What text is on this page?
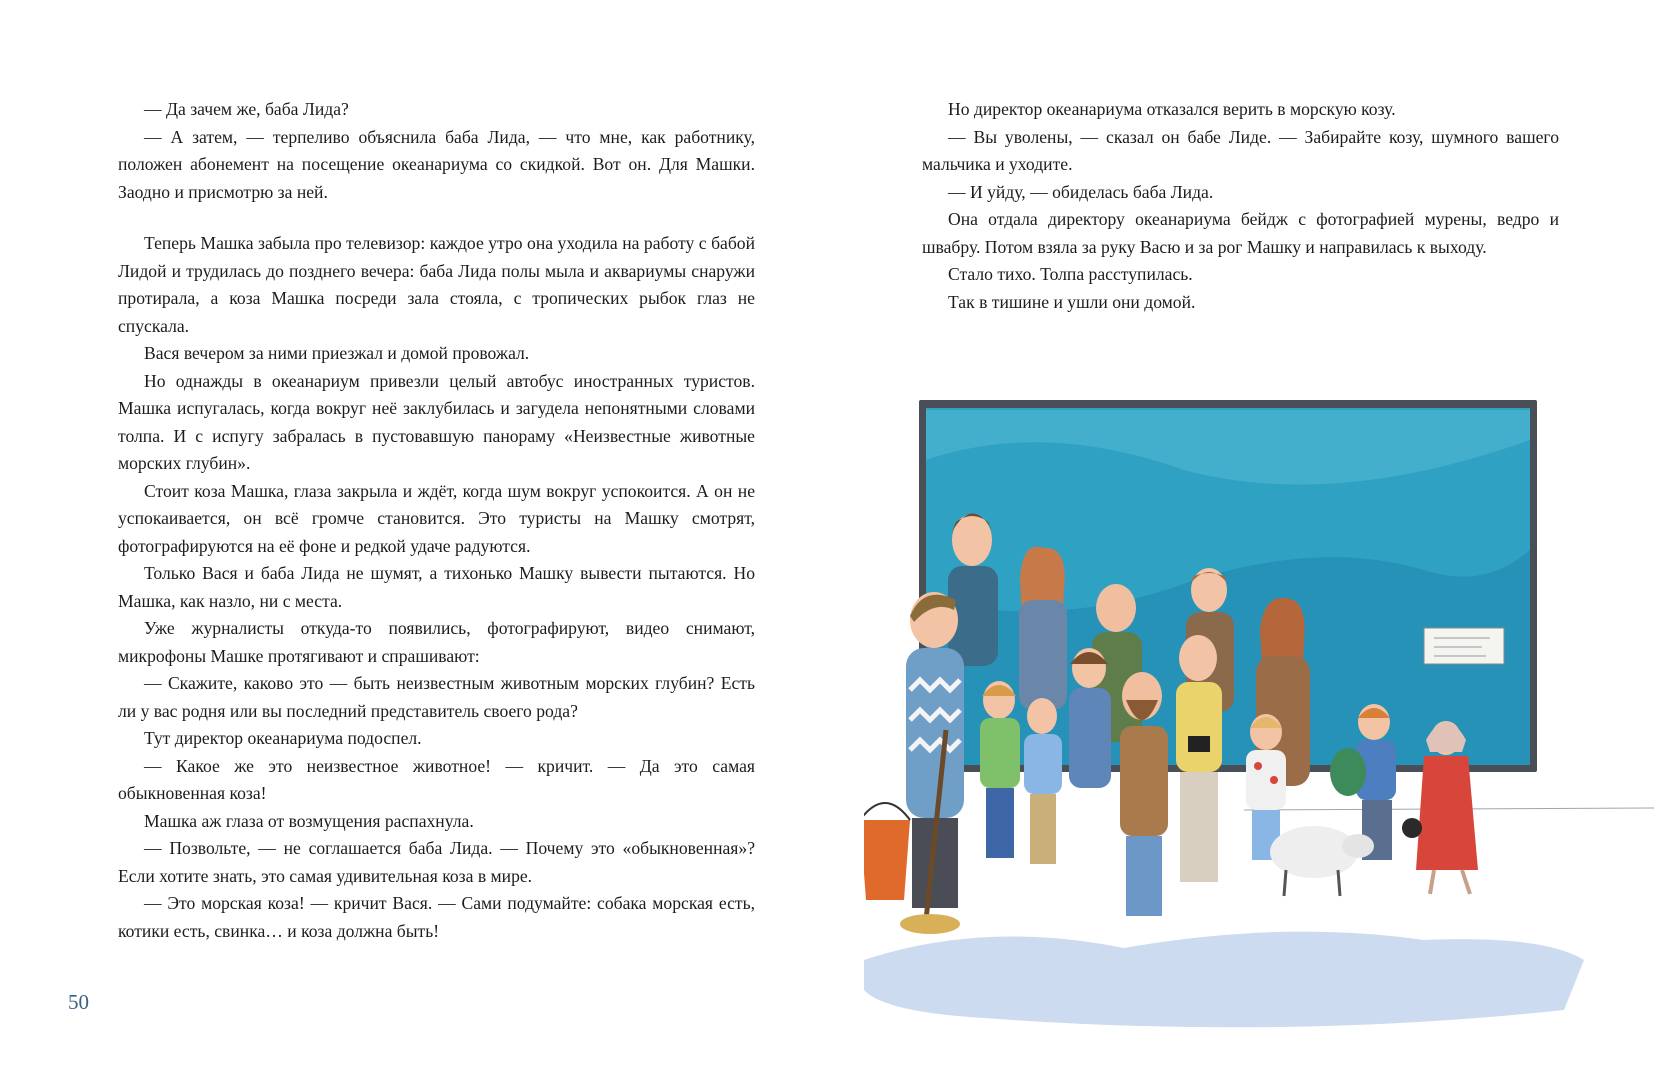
— Да зачем же, баба Лида?

— А затем, — терпеливо объяснила баба Лида, — что мне, как работнику, положен абонемент на посещение океанариума со скидкой. Вот он. Для Машки. Заодно и присмотрю за ней.

Теперь Машка забыла про телевизор: каждое утро она уходила на работу с бабой Лидой и трудилась до позднего вечера: баба Лида полы мыла и аквариумы снаружи протирала, а коза Машка посреди зала стояла, с тропических рыбок глаз не спускала.

Вася вечером за ними приезжал и домой провожал.

Но однажды в океанариум привезли целый автобус иностранных туристов. Машка испугалась, когда вокруг неё заклубилась и загудела непонятными словами толпа. И с испугу забралась в пустовавшую панораму «Неизвестные животные морских глубин».

Стоит коза Машка, глаза закрыла и ждёт, когда шум вокруг успокоится. А он не успокаивается, он всё громче становится. Это туристы на Машку смотрят, фотографируются на её фоне и редкой удаче радуются.

Только Вася и баба Лида не шумят, а тихонько Машку вывести пытаются. Но Машка, как назло, ни с места.

Уже журналисты откуда-то появились, фотографируют, видео снимают, микрофоны Машке протягивают и спрашивают:

— Скажите, каково это — быть неизвестным животным морских глубин? Есть ли у вас родня или вы последний представитель своего рода?

Тут директор океанариума подоспел.

— Какое же это неизвестное животное! — кричит. — Да это самая обыкновенная коза!

Машка аж глаза от возмущения распахнула.

— Позвольте, — не соглашается баба Лида. — Почему это «обыкновенная»? Если хотите знать, это самая удивительная коза в мире.

— Это морская коза! — кричит Вася. — Сами подумайте: собака морская есть, котики есть, свинка… и коза должна быть!

Но директор океанариума отказался верить в морскую козу.

— Вы уволены, — сказал он бабе Лиде. — Забирайте козу, шумного вашего мальчика и уходите.

— И уйду, — обиделась баба Лида.

Она отдала директору океанариума бейдж с фотографией мурены, ведро и швабру. Потом взяла за руку Васю и за рог Машку и направилась к выходу.

Стало тихо. Толпа расступилась.

Так в тишине и ушли они домой.

50
